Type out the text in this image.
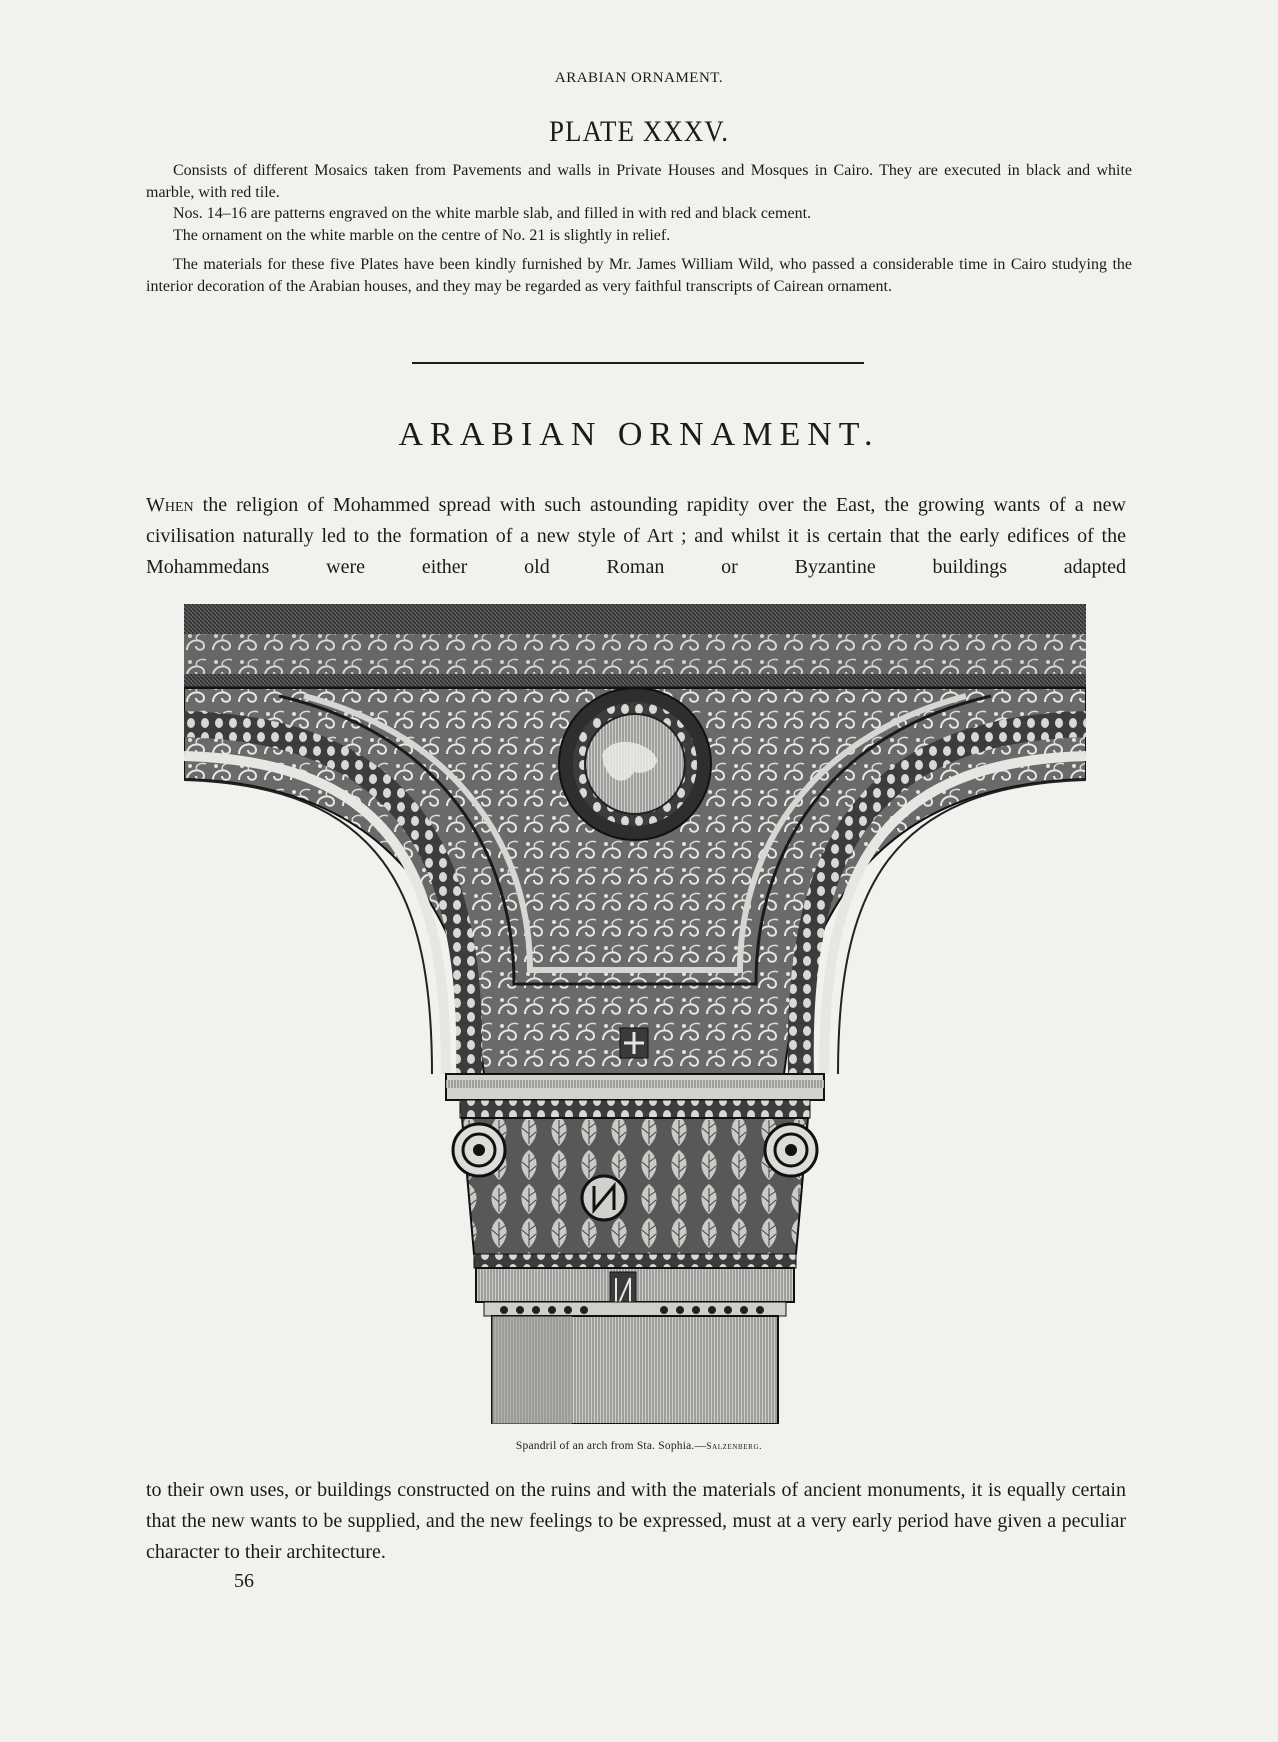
ARABIAN ORNAMENT.
PLATE XXXV.

Consists of different Mosaics taken from Pavements and walls in Private Houses and Mosques in Cairo. They are executed in black and white marble, with red tile.

Nos. 14–16 are patterns engraved on the white marble slab, and filled in with red and black cement.

The ornament on the white marble on the centre of No. 21 is slightly in relief.

The materials for these five Plates have been kindly furnished by Mr. James William Wild, who passed a considerable time in Cairo studying the interior decoration of the Arabian houses, and they may be regarded as very faithful transcripts of Cairean ornament.

ARABIAN ORNAMENT.

When the religion of Mohammed spread with such astounding rapidity over the East, the growing wants of a new civilisation naturally led to the formation of a new style of Art ; and whilst it is certain that the early edifices of the Mohammedans were either old Roman or Byzantine buildings adapted

Spandril of an arch from Sta. Sophia.—Salzenberg.

to their own uses, or buildings constructed on the ruins and with the materials of ancient monuments, it is equally certain that the new wants to be supplied, and the new feelings to be expressed, must at a very early period have given a peculiar character to their architecture.

56
